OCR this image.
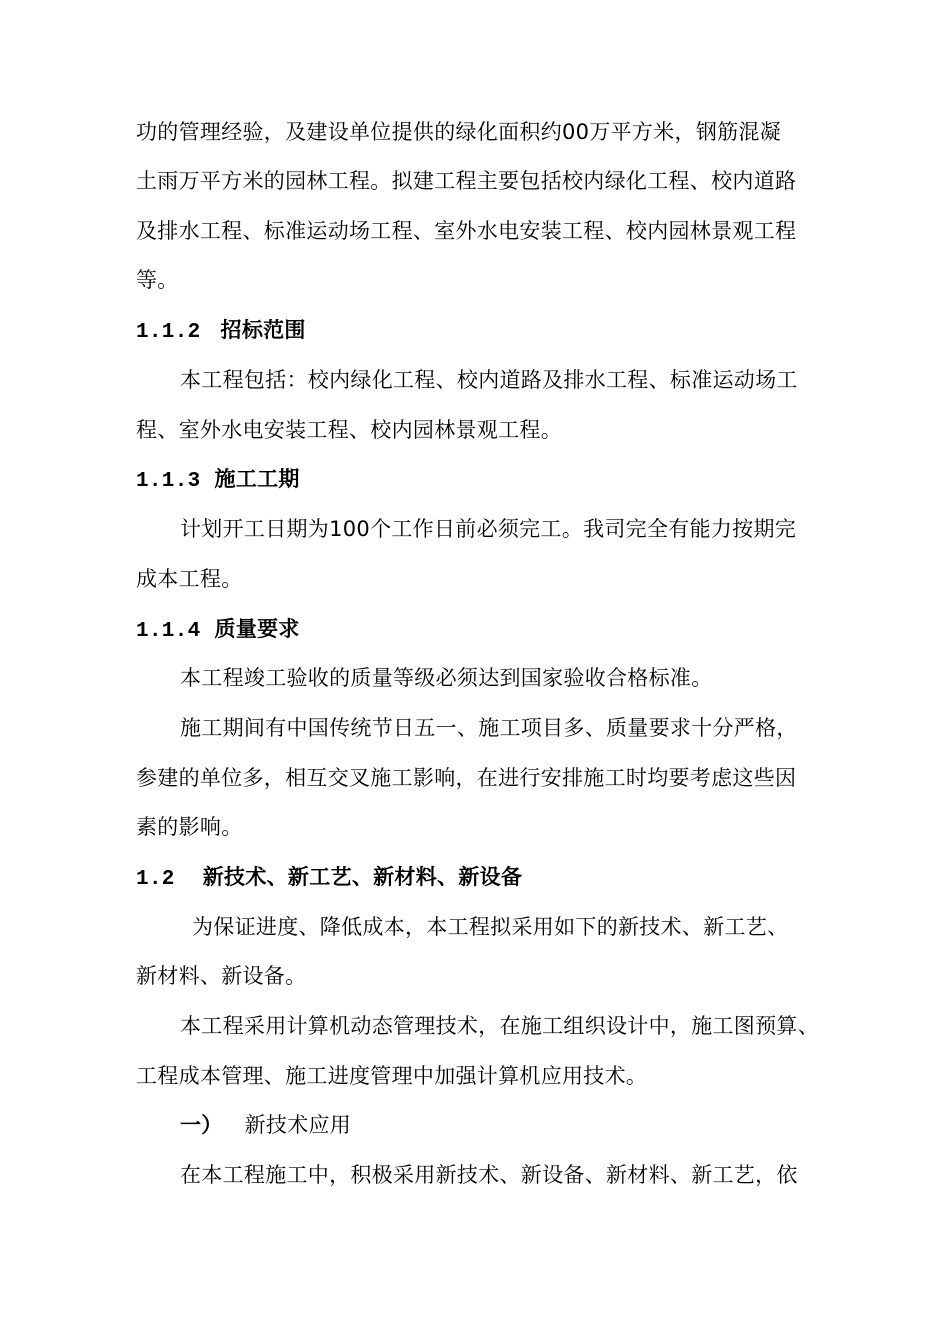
功的管理经验，及建设单位提供的绿化面积约00万平方米，钢筋混凝
土雨万平方米的园林工程。拟建工程主要包括校内绿化工程、校内道路
及排水工程、标准运动场工程、室外水电安装工程、校内园林景观工程
等。
1.1.2 招标范围
本工程包括：校内绿化工程、校内道路及排水工程、标准运动场工
程、室外水电安装工程、校内园林景观工程。
1.1.3 施工工期
计划开工日期为100个工作日前必须完工。我司完全有能力按期完
成本工程。
1.1.4 质量要求
本工程竣工验收的质量等级必须达到国家验收合格标准。
施工期间有中国传统节日五一、施工项目多、质量要求十分严格，
参建的单位多，相互交叉施工影响，在进行安排施工时均要考虑这些因
素的影响。
1.2 新技术、新工艺、新材料、新设备
为保证进度、降低成本，本工程拟采用如下的新技术、新工艺、
新材料、新设备。
本工程采用计算机动态管理技术，在施工组织设计中，施工图预算、
工程成本管理、施工进度管理中加强计算机应用技术。
一） 新技术应用
在本工程施工中，积极采用新技术、新设备、新材料、新工艺，依
